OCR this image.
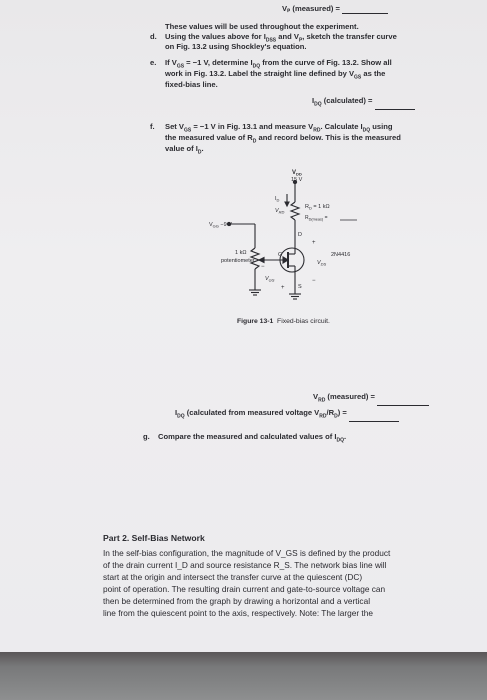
Vₚ (measured) =
These values will be used throughout the experiment.
d. Using the values above for $I_{DSS}$ and $V_P$, sketch the transfer curve
on Fig. 13.2 using Shockley's equation.
e. If $V_{GS} = -1$ V, determine $I_{DQ}$ from the curve of Fig. 13.2. Show all
work in Fig. 13.2. Label the straight line defined by $V_{GS}$ as the
fixed-bias line.
$I_{DQ}$ (calculated) =
f. Set $V_{GS} = -1$ V in Fig. 13.1 and measure $V_{RD}$. Calculate $I_{DQ}$ using
the measured value of $R_D$ and record below. This is the measured
value of $I_D$.
$V_{DD}$
15 V
$I_D$
$V_{RD}$
$R_D = 1$ kΩ
$R_{D(meas)}$ =
$V_{GG} -9$ V
D
G
S
1 kΩ
potentiometer
2N4416
$V_{DS}$
+
−
$V_{GS}$
−
+
Figure 13-1 Fixed-bias circuit.
$V_{RD}$ (measured) =
$I_{DQ}$ (calculated from measured voltage $V_{RD}/R_D$) =
g. Compare the measured and calculated values of $I_{DQ}$.
Part 2. Self-Bias Network
In the self-bias configuration, the magnitude of V_GS is defined by the product
of the drain current I_D and source resistance R_S. The network bias line will
start at the origin and intersect the transfer curve at the quiescent (DC)
point of operation. The resulting drain current and gate-to-source voltage can
then be determined from the graph by drawing a horizontal and a vertical
line from the quiescent point to the axis, respectively. Note: The larger the
